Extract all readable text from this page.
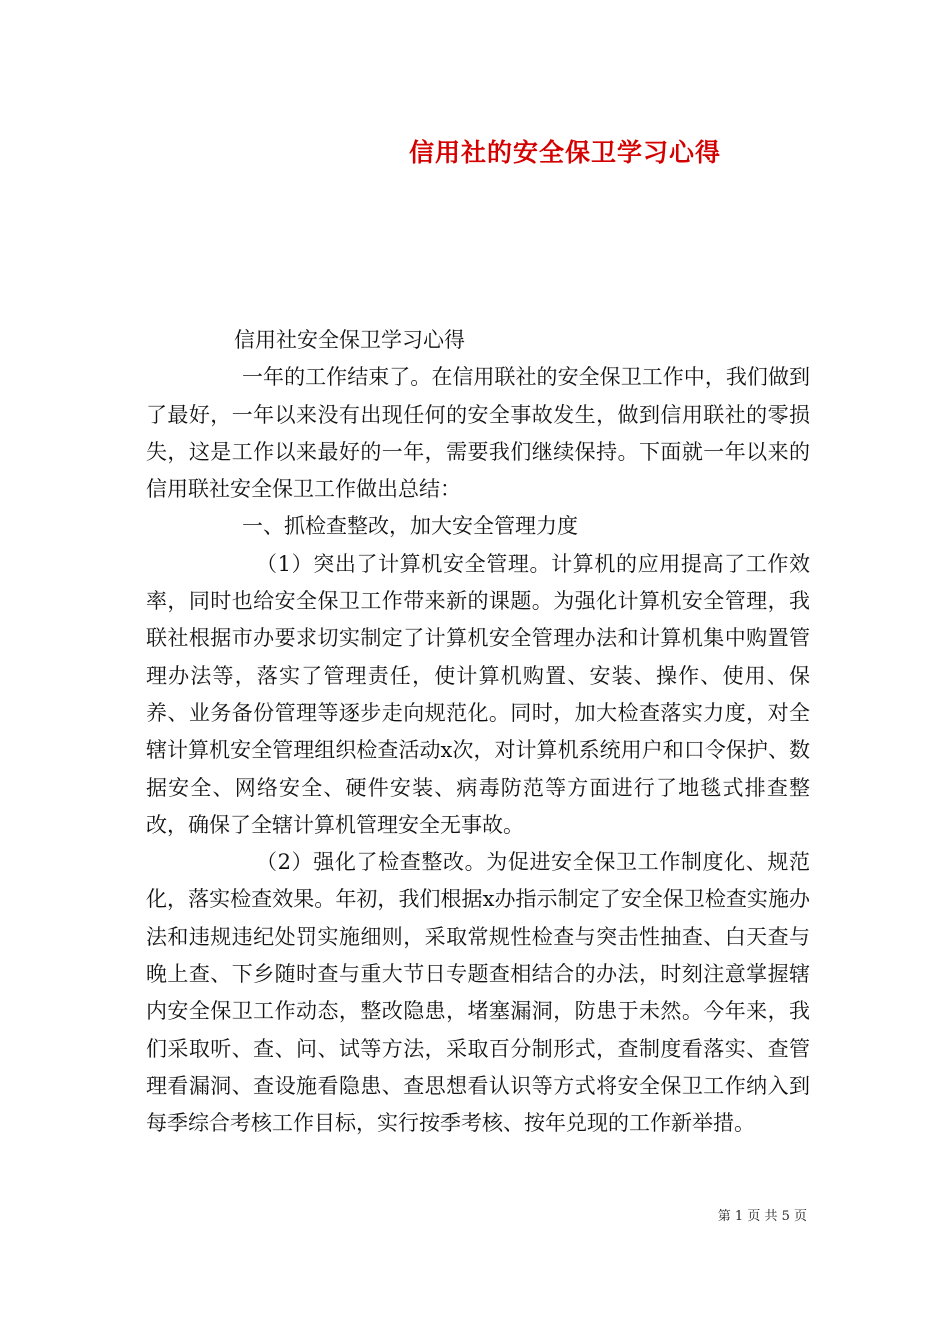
信用社的安全保卫学习心得

信用社安全保卫学习心得

一年的工作结束了。在信用联社的安全保卫工作中，我们做到了最好，一年以来没有出现任何的安全事故发生，做到信用联社的零损失，这是工作以来最好的一年，需要我们继续保持。下面就一年以来的信用联社安全保卫工作做出总结：

一、抓检查整改，加大安全管理力度

（1）突出了计算机安全管理。计算机的应用提高了工作效率，同时也给安全保卫工作带来新的课题。为强化计算机安全管理，我联社根据市办要求切实制定了计算机安全管理办法和计算机集中购置管理办法等，落实了管理责任，使计算机购置、安装、操作、使用、保养、业务备份管理等逐步走向规范化。同时，加大检查落实力度，对全辖计算机安全管理组织检查活动x次，对计算机系统用户和口令保护、数据安全、网络安全、硬件安装、病毒防范等方面进行了地毯式排查整改，确保了全辖计算机管理安全无事故。

（2）强化了检查整改。为促进安全保卫工作制度化、规范化，落实检查效果。年初，我们根据x办指示制定了安全保卫检查实施办法和违规违纪处罚实施细则，采取常规性检查与突击性抽查、白天查与晚上查、下乡随时查与重大节日专题查相结合的办法，时刻注意掌握辖内安全保卫工作动态，整改隐患，堵塞漏洞，防患于未然。今年来，我们采取听、查、问、试等方法，采取百分制形式，查制度看落实、查管理看漏洞、查设施看隐患、查思想看认识等方式将安全保卫工作纳入到每季综合考核工作目标，实行按季考核、按年兑现的工作新举措。

第 1 页 共 5 页
